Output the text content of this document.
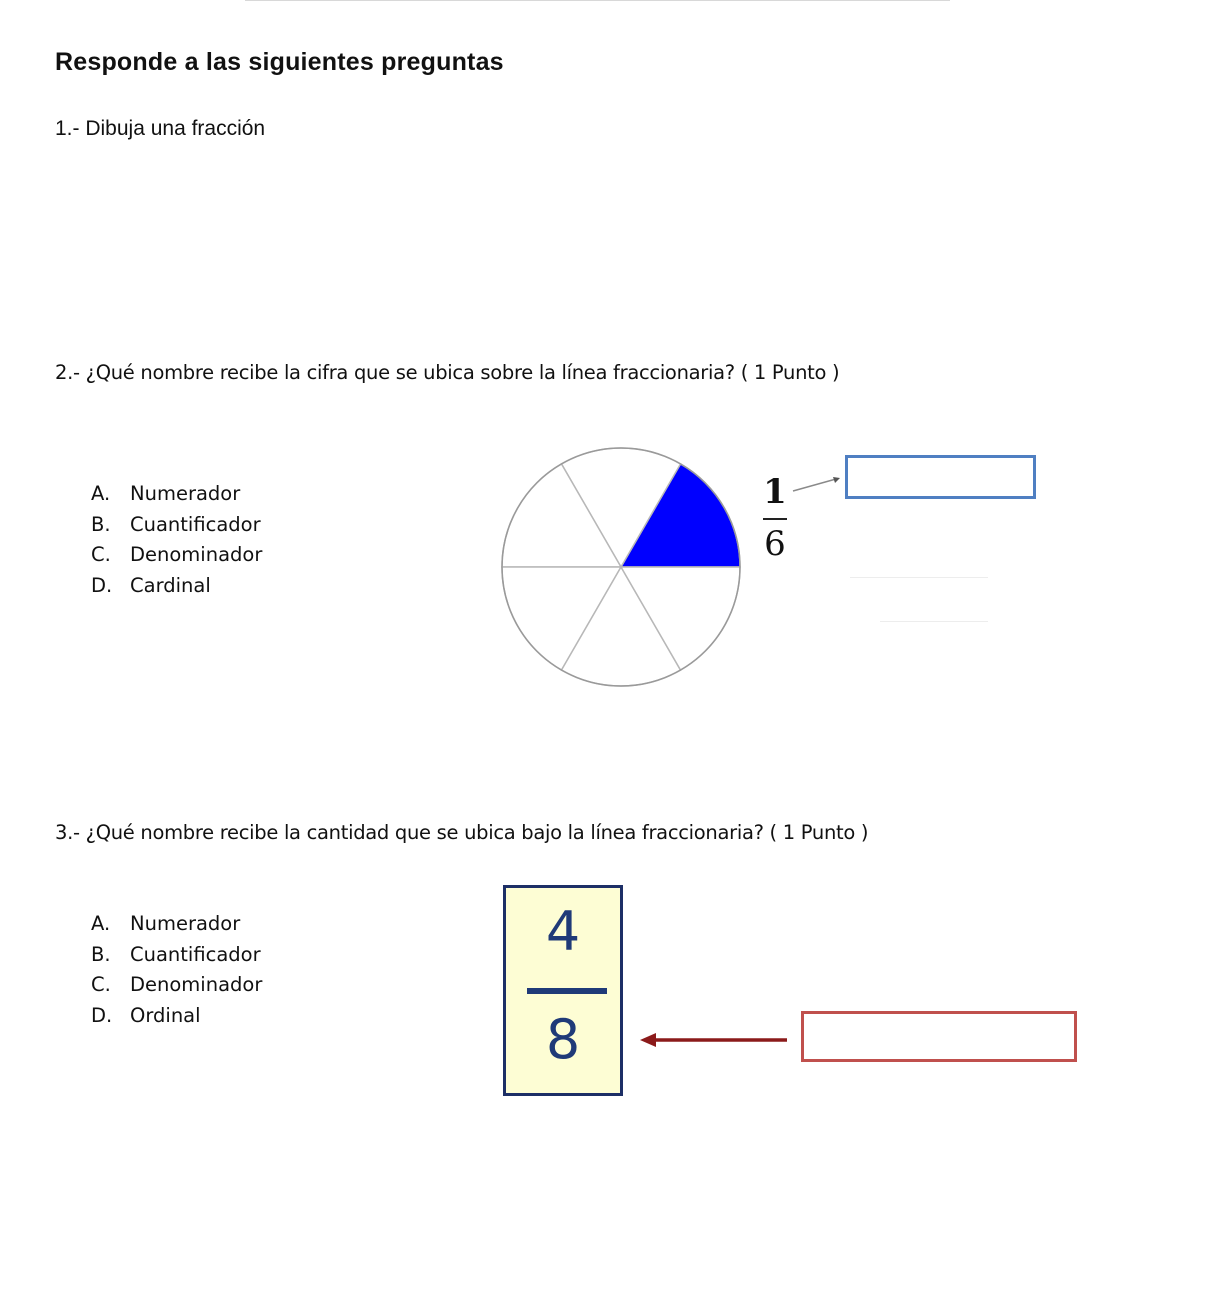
Responde a las siguientes preguntas
1.- Dibuja una fracción
2.- ¿Qué nombre recibe la cifra que se ubica sobre la línea fraccionaria? ( 1 Punto )
A. Numerador
B. Cuantificador
C. Denominador
D. Cardinal
1
6
3.- ¿Qué nombre recibe la cantidad que se ubica bajo la línea fraccionaria? ( 1 Punto )
A. Numerador
B. Cuantificador
C. Denominador
D. Ordinal
4
8
